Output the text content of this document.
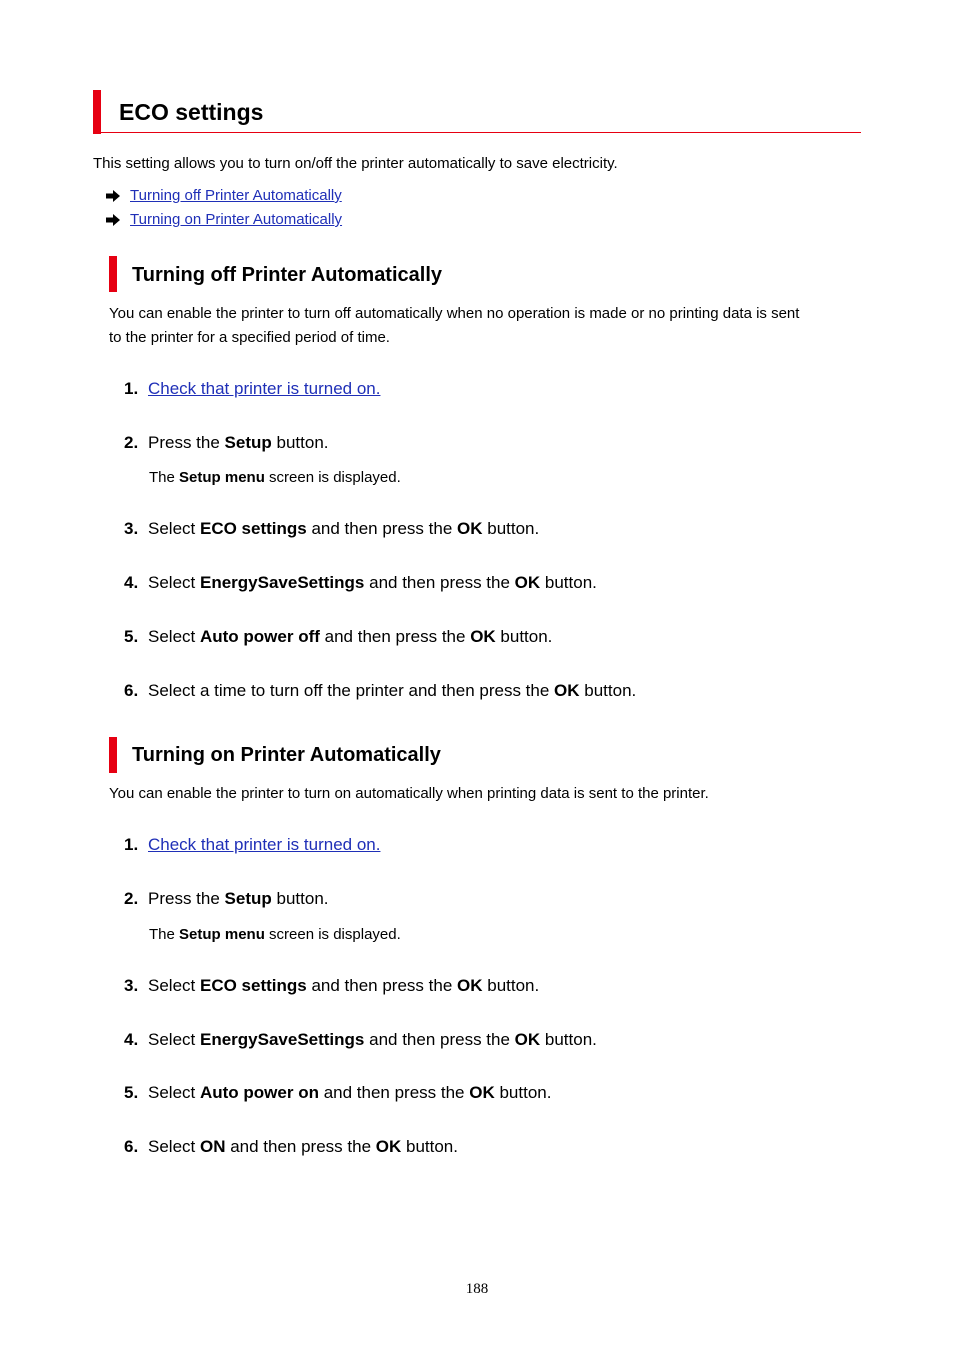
ECO settings
This setting allows you to turn on/off the printer automatically to save electricity.
Turning off Printer Automatically
Turning on Printer Automatically
Turning off Printer Automatically
You can enable the printer to turn off automatically when no operation is made or no printing data is sent
to the printer for a specified period of time.
1. Check that printer is turned on.
2. Press the Setup button.
The Setup menu screen is displayed.
3. Select ECO settings and then press the OK button.
4. Select EnergySaveSettings and then press the OK button.
5. Select Auto power off and then press the OK button.
6. Select a time to turn off the printer and then press the OK button.
Turning on Printer Automatically
You can enable the printer to turn on automatically when printing data is sent to the printer.
1. Check that printer is turned on.
2. Press the Setup button.
The Setup menu screen is displayed.
3. Select ECO settings and then press the OK button.
4. Select EnergySaveSettings and then press the OK button.
5. Select Auto power on and then press the OK button.
6. Select ON and then press the OK button.
188
